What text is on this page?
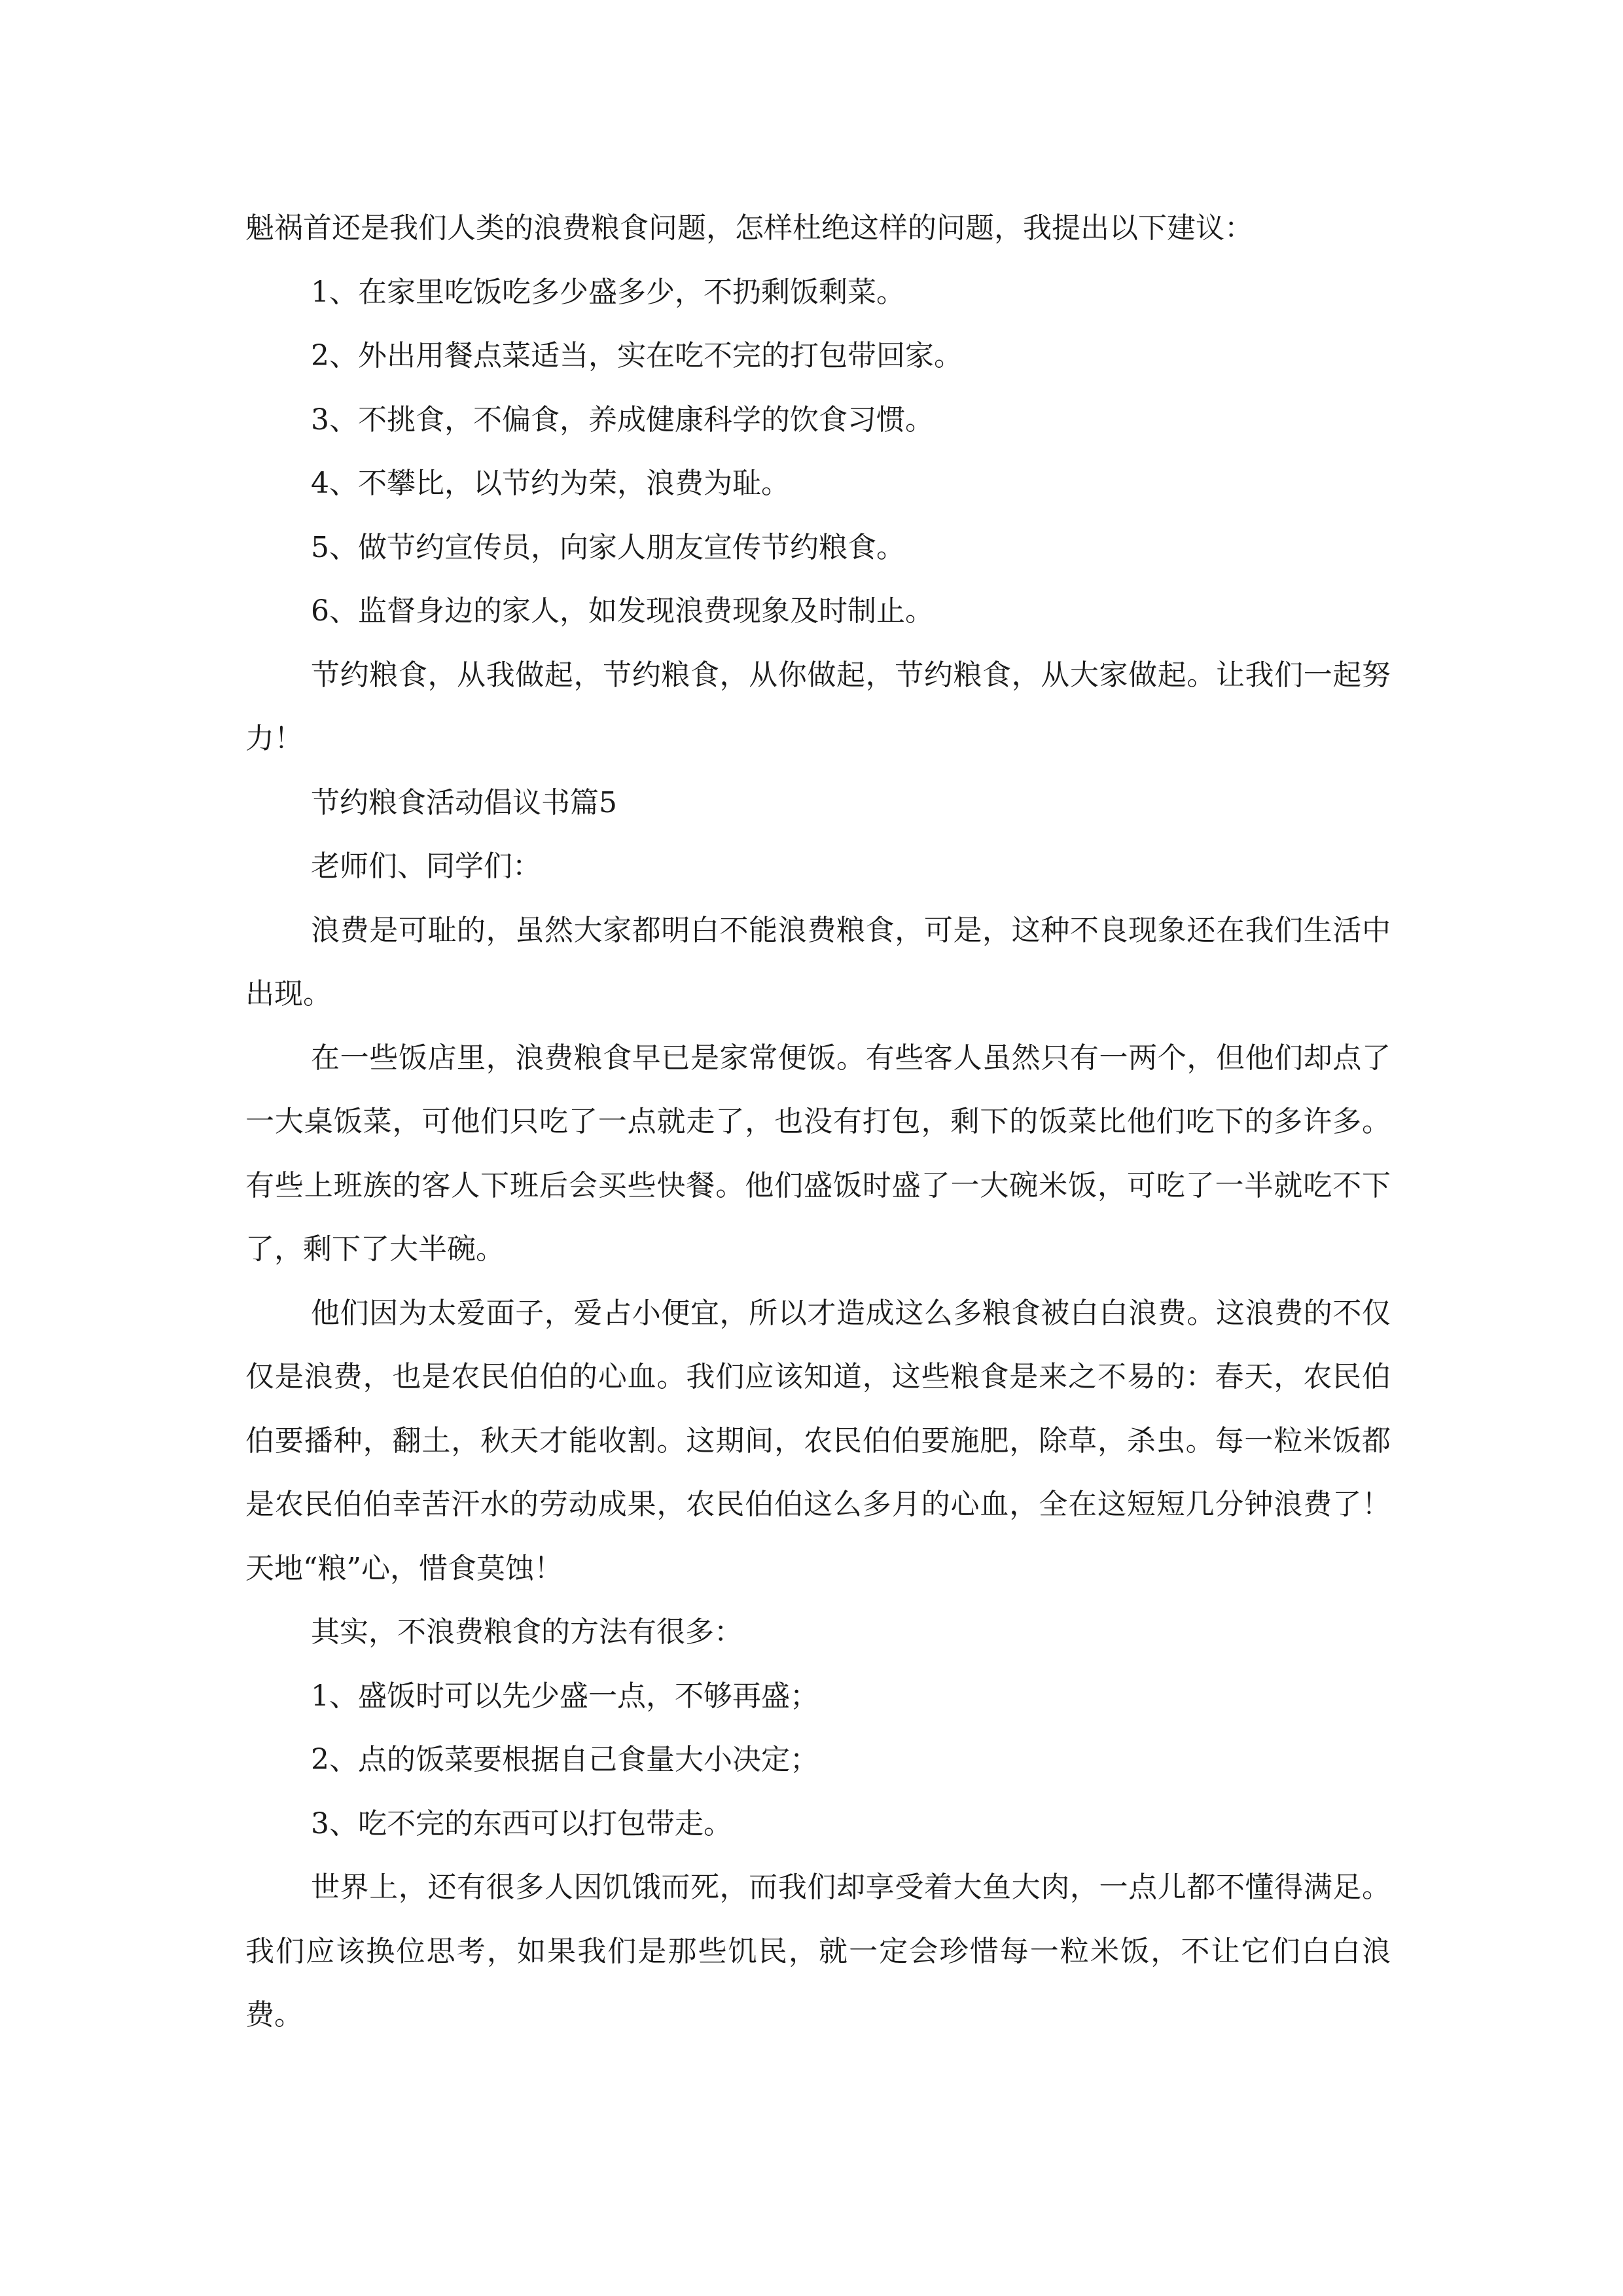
魁祸首还是我们人类的浪费粮食问题，怎样杜绝这样的问题，我提出以下建议：

1、在家里吃饭吃多少盛多少，不扔剩饭剩菜。

2、外出用餐点菜适当，实在吃不完的打包带回家。

3、不挑食，不偏食，养成健康科学的饮食习惯。

4、不攀比，以节约为荣，浪费为耻。

5、做节约宣传员，向家人朋友宣传节约粮食。

6、监督身边的家人，如发现浪费现象及时制止。

节约粮食，从我做起，节约粮食，从你做起，节约粮食，从大家做起。让我们一起努力！

节约粮食活动倡议书篇5

老师们、同学们：

浪费是可耻的，虽然大家都明白不能浪费粮食，可是，这种不良现象还在我们生活中出现。

在一些饭店里，浪费粮食早已是家常便饭。有些客人虽然只有一两个，但他们却点了一大桌饭菜，可他们只吃了一点就走了，也没有打包，剩下的饭菜比他们吃下的多许多。有些上班族的客人下班后会买些快餐。他们盛饭时盛了一大碗米饭，可吃了一半就吃不下了，剩下了大半碗。

他们因为太爱面子，爱占小便宜，所以才造成这么多粮食被白白浪费。这浪费的不仅仅是浪费，也是农民伯伯的心血。我们应该知道，这些粮食是来之不易的：春天，农民伯伯要播种，翻土，秋天才能收割。这期间，农民伯伯要施肥，除草，杀虫。每一粒米饭都是农民伯伯幸苦汗水的劳动成果，农民伯伯这么多月的心血，全在这短短几分钟浪费了！天地“粮”心，惜食莫蚀！

其实，不浪费粮食的方法有很多：

1、盛饭时可以先少盛一点，不够再盛；

2、点的饭菜要根据自己食量大小决定；

3、吃不完的东西可以打包带走。

世界上，还有很多人因饥饿而死，而我们却享受着大鱼大肉，一点儿都不懂得满足。我们应该换位思考，如果我们是那些饥民，就一定会珍惜每一粒米饭，不让它们白白浪费。
